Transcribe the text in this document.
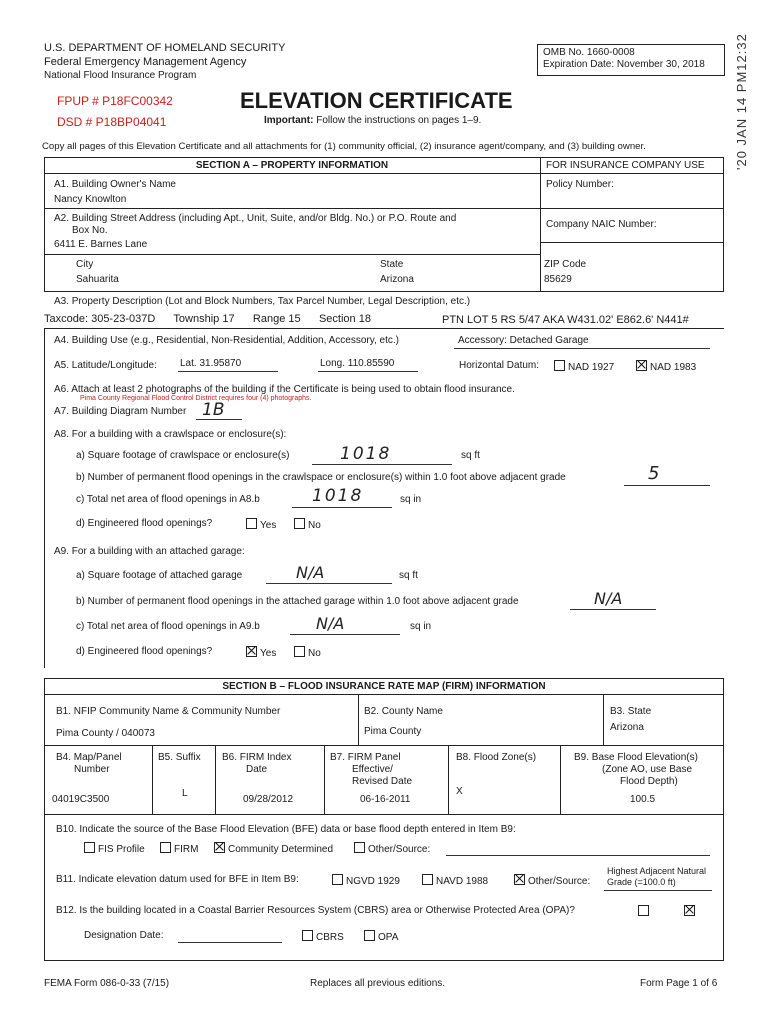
U.S. DEPARTMENT OF HOMELAND SECURITY
Federal Emergency Management Agency
National Flood Insurance Program
OMB No. 1660-0008
Expiration Date: November 30, 2018 '20 JAN 14 PM12:32
FPUP # P18FC00342
DSD # P18BP04041
ELEVATION CERTIFICATE
Important: Follow the instructions on pages 1–9.
Copy all pages of this Elevation Certificate and all attachments for (1) community official, (2) insurance agent/company, and (3) building owner.
SECTION A – PROPERTY INFORMATION	FOR INSURANCE COMPANY USE
A1. Building Owner's Name
Nancy Knowlton
Policy Number:
A2. Building Street Address (including Apt., Unit, Suite, and/or Bldg. No.) or P.O. Route and
Box No.
6411 E. Barnes Lane
Company NAIC Number:
City
Sahuarita
State
Arizona
ZIP Code
85629
A3. Property Description (Lot and Block Numbers, Tax Parcel Number, Legal Description, etc.)
Taxcode: 305-23-037D      Township 17      Range 15      Section 18	PTN LOT 5 RS 5/47 AKA W431.02' E862.6' N441#
A4. Building Use (e.g., Residential, Non-Residential, Addition, Accessory, etc.)	Accessory: Detached Garage
A5. Latitude/Longitude: Lat. 31.95870	Long. 110.85590	Horizontal Datum:	NAD 1927	NAD 1983
A6. Attach at least 2 photographs of the building if the Certificate is being used to obtain flood insurance.
Pima County Regional Flood Control District requires four (4) photographs.
A7. Building Diagram Number 1B
A8. For a building with a crawlspace or enclosure(s):
a) Square footage of crawlspace or enclosure(s)	1018	sq ft
b) Number of permanent flood openings in the crawlspace or enclosure(s) within 1.0 foot above adjacent grade	5
c) Total net area of flood openings in A8.b	1018	sq in
d) Engineered flood openings?	Yes	No
A9. For a building with an attached garage:
a) Square footage of attached garage	N/A	sq ft
b) Number of permanent flood openings in the attached garage within 1.0 foot above adjacent grade	N/A
c) Total net area of flood openings in A9.b	N/A	sq in
d) Engineered flood openings?	Yes	No
SECTION B – FLOOD INSURANCE RATE MAP (FIRM) INFORMATION
B1. NFIP Community Name & Community Number
Pima County / 040073
B2. County Name
Pima County
B3. State
Arizona
B4. Map/Panel
Number
04019C3500
B5. Suffix
L
B6. FIRM Index
Date
09/28/2012
B7. FIRM Panel
Effective/
Revised Date
06-16-2011
B8. Flood Zone(s)
X
B9. Base Flood Elevation(s)
(Zone AO, use Base
Flood Depth)
100.5
B10. Indicate the source of the Base Flood Elevation (BFE) data or base flood depth entered in Item B9:
FIS Profile	FIRM	Community Determined	Other/Source:
B11. Indicate elevation datum used for BFE in Item B9:	NGVD 1929	NAVD 1988	Other/Source:
Highest Adjacent Natural
Grade (=100.0 ft)
B12. Is the building located in a Coastal Barrier Resources System (CBRS) area or Otherwise Protected Area (OPA)?
Designation Date:	CBRS	OPA
FEMA Form 086-0-33 (7/15)	Replaces all previous editions.	Form Page 1 of 6
